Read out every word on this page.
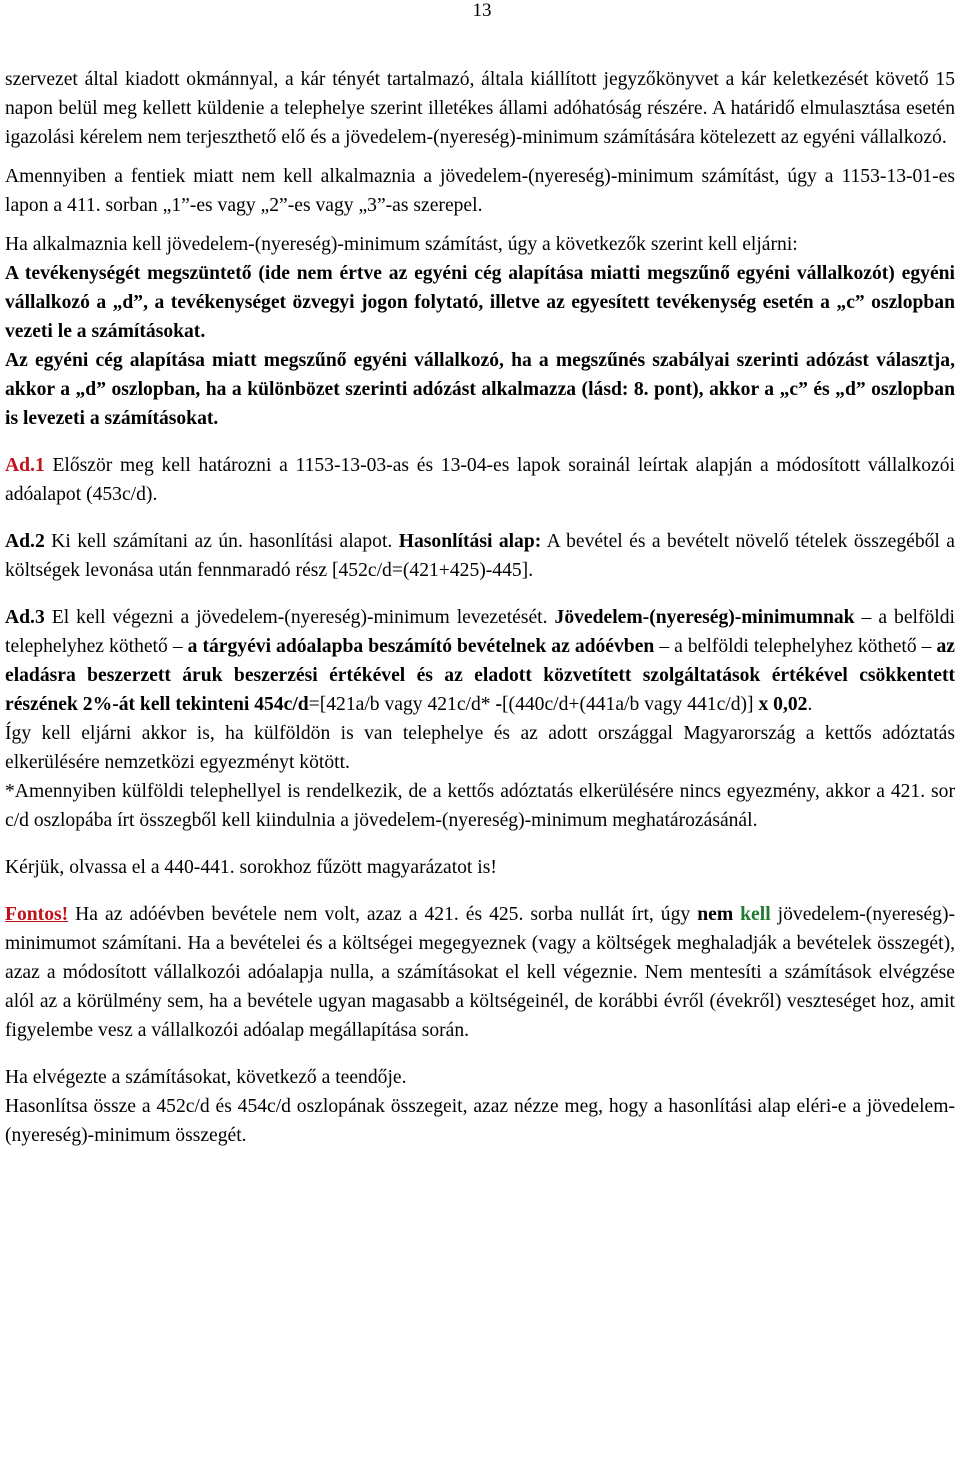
13

szervezet által kiadott okmánnyal, a kár tényét tartalmazó, általa kiállított jegyzőkönyvet a kár keletkezését követő 15 napon belül meg kellett küldenie a telephelye szerint illetékes állami adóhatóság részére. A határidő elmulasztása esetén igazolási kérelem nem terjeszthető elő és a jövedelem-(nyereség)-minimum számítására kötelezett az egyéni vállalkozó.

Amennyiben a fentiek miatt nem kell alkalmaznia a jövedelem-(nyereség)-minimum számítást, úgy a 1153-13-01-es lapon a 411. sorban „1”-es vagy „2”-es vagy „3”-as szerepel.

Ha alkalmaznia kell jövedelem-(nyereség)-minimum számítást, úgy a következők szerint kell eljárni:

A tevékenységét megszüntető (ide nem értve az egyéni cég alapítása miatti megszűnő egyéni vállalkozót) egyéni vállalkozó a „d”, a tevékenységet özvegyi jogon folytató, illetve az egyesített tevékenység esetén a „c” oszlopban vezeti le a számításokat.

Az egyéni cég alapítása miatt megszűnő egyéni vállalkozó, ha a megszűnés szabályai szerinti adózást választja, akkor a „d” oszlopban, ha a különbözet szerinti adózást alkalmazza (lásd: 8. pont), akkor a „c” és „d” oszlopban is levezeti a számításokat.

Ad.1 Először meg kell határozni a 1153-13-03-as és 13-04-es lapok sorainál leírtak alapján a módosított vállalkozói adóalapot (453c/d).

Ad.2 Ki kell számítani az ún. hasonlítási alapot. Hasonlítási alap: A bevétel és a bevételt növelő tételek összegéből a költségek levonása után fennmaradó rész [452c/d=(421+425)-445].

Ad.3 El kell végezni a jövedelem-(nyereség)-minimum levezetését. Jövedelem-(nyereség)-minimumnak – a belföldi telephelyhez köthető – a tárgyévi adóalapba beszámító bevételnek az adóévben – a belföldi telephelyhez köthető – az eladásra beszerzett áruk beszerzési értékével és az eladott közvetített szolgáltatások értékével csökkentett részének 2%-át kell tekinteni 454c/d=[421a/b vagy 421c/d* -[(440c/d+(441a/b vagy 441c/d)] x 0,02.

Így kell eljárni akkor is, ha külföldön is van telephelye és az adott országgal Magyarország a kettős adóztatás elkerülésére nemzetközi egyezményt kötött.

*Amennyiben külföldi telephellyel is rendelkezik, de a kettős adóztatás elkerülésére nincs egyezmény, akkor a 421. sor c/d oszlopába írt összegből kell kiindulnia a jövedelem-(nyereség)-minimum meghatározásánál.

Kérjük, olvassa el a 440-441. sorokhoz fűzött magyarázatot is!

Fontos! Ha az adóévben bevétele nem volt, azaz a 421. és 425. sorba nullát írt, úgy nem kell jövedelem-(nyereség)-minimumot számítani. Ha a bevételei és a költségei megegyeznek (vagy a költségek meghaladják a bevételek összegét), azaz a módosított vállalkozói adóalapja nulla, a számításokat el kell végeznie. Nem mentesíti a számítások elvégzése alól az a körülmény sem, ha a bevétele ugyan magasabb a költségeinél, de korábbi évről (évekről) veszteséget hoz, amit figyelembe vesz a vállalkozói adóalap megállapítása során.

Ha elvégezte a számításokat, következő a teendője.

Hasonlítsa össze a 452c/d és 454c/d oszlopának összegeit, azaz nézze meg, hogy a hasonlítási alap eléri-e a jövedelem-(nyereség)-minimum összegét.
